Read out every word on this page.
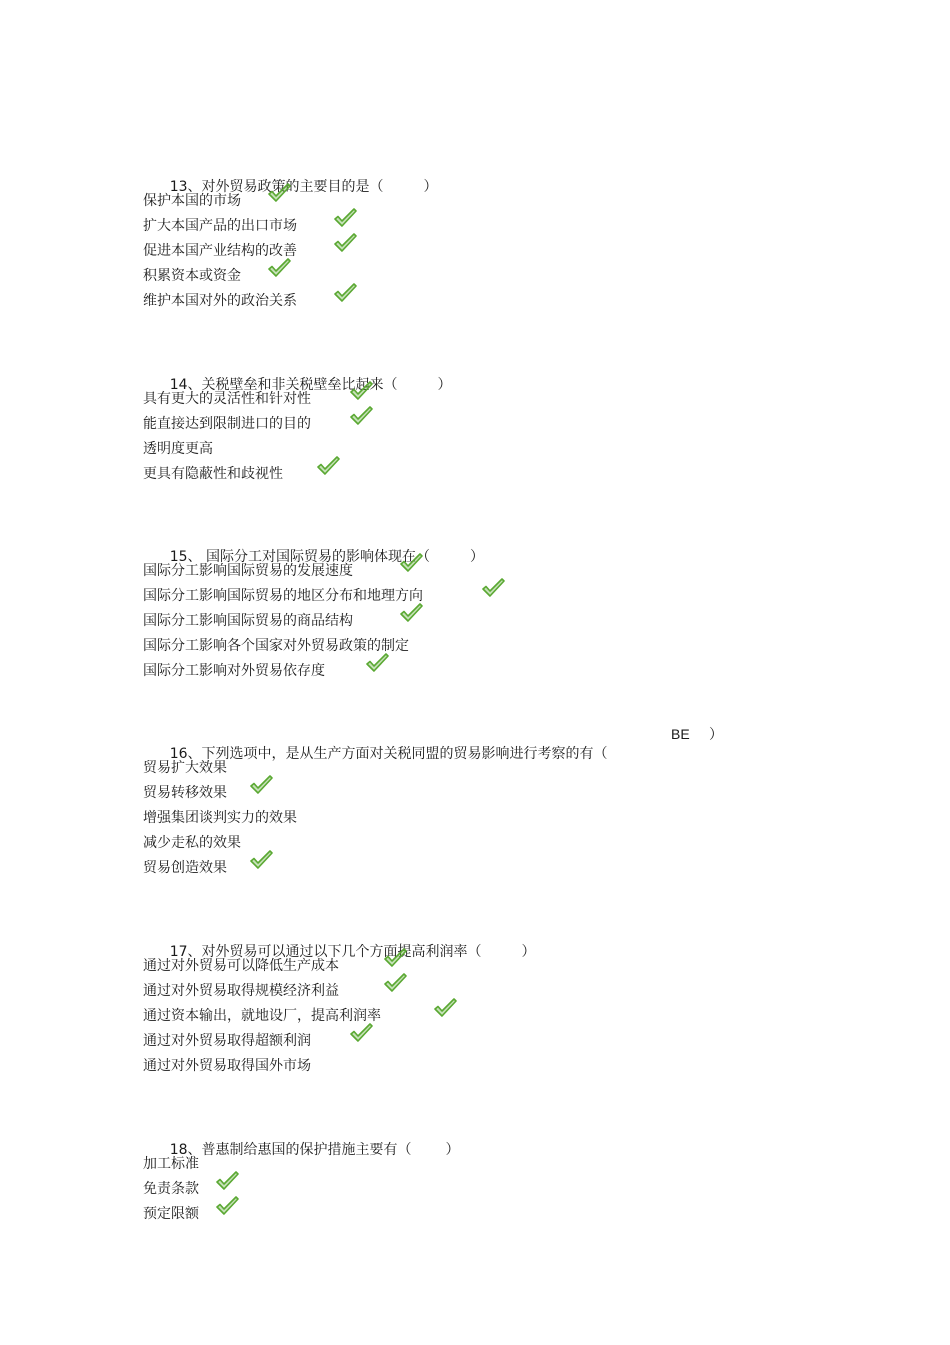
13、对外贸易政策的主要目的是（	）

保护本国的市场
扩大本国产品的出口市场
促进本国产业结构的改善
积累资本或资金
维护本国对外的政治关系

14、关税壁垒和非关税壁垒比起来（	）

具有更大的灵活性和针对性
能直接达到限制进口的目的
透明度更高
更具有隐蔽性和歧视性

15、 国际分工对国际贸易的影响体现在（	）

国际分工影响国际贸易的发展速度
国际分工影响国际贸易的地区分布和地理方向
国际分工影响国际贸易的商品结构
国际分工影响各个国家对外贸易政策的制定
国际分工影响对外贸易依存度

16、下列选项中，是从生产方面对关税同盟的贸易影响进行考察的有（

BE

）

贸易扩大效果
贸易转移效果
增强集团谈判实力的效果
减少走私的效果
贸易创造效果

17、对外贸易可以通过以下几个方面提高利润率（	）

通过对外贸易可以降低生产成本
通过对外贸易取得规模经济利益
通过资本输出，就地设厂，提高利润率
通过对外贸易取得超额利润
通过对外贸易取得国外市场

18、普惠制给惠国的保护措施主要有（ ）

加工标准
免责条款
预定限额
